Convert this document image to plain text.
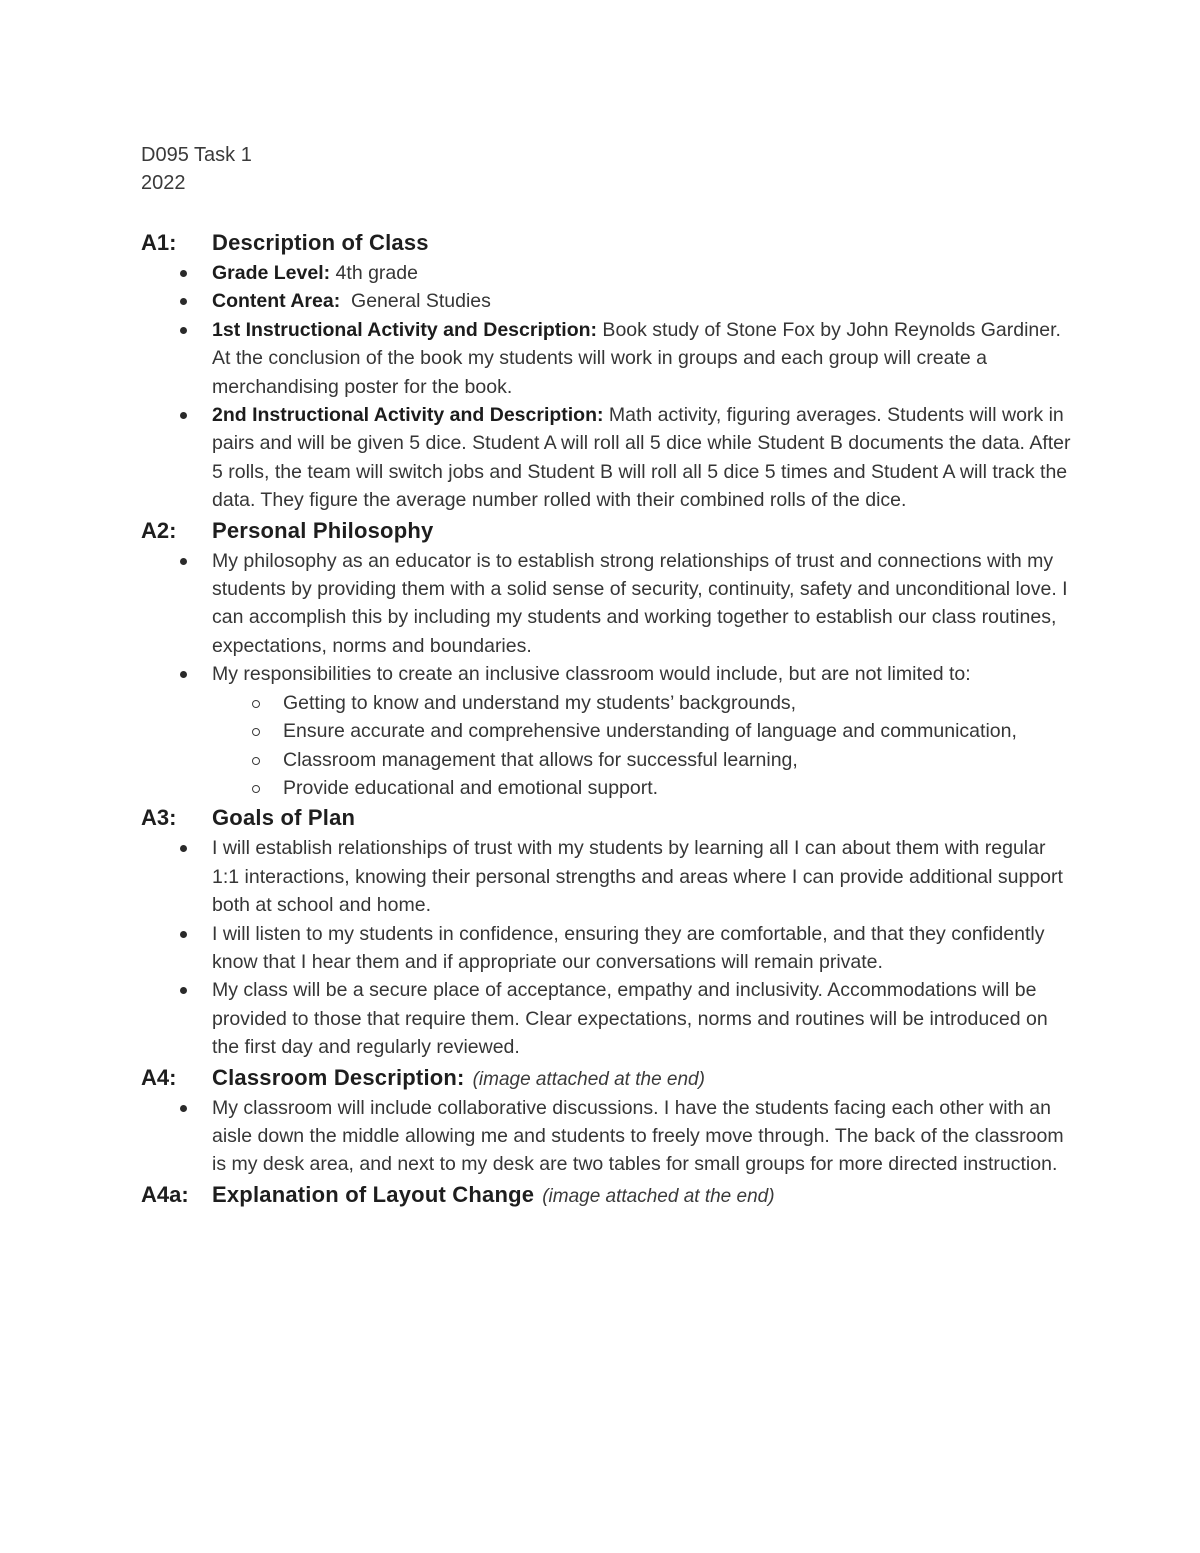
D095 Task 1
2022
A1:	Description of Class
Grade Level: 4th grade
Content Area:  General Studies
1st Instructional Activity and Description: Book study of Stone Fox by John Reynolds Gardiner. At the conclusion of the book my students will work in groups and each group will create a merchandising poster for the book.
2nd Instructional Activity and Description: Math activity, figuring averages. Students will work in pairs and will be given 5 dice. Student A will roll all 5 dice while Student B documents the data. After 5 rolls, the team will switch jobs and Student B will roll all 5 dice 5 times and Student A will track the data. They figure the average number rolled with their combined rolls of the dice.
A2:	Personal Philosophy
My philosophy as an educator is to establish strong relationships of trust and connections with my students by providing them with a solid sense of security, continuity, safety and unconditional love. I can accomplish this by including my students and working together to establish our class routines, expectations, norms and boundaries.
My responsibilities to create an inclusive classroom would include, but are not limited to:
Getting to know and understand my students’ backgrounds,
Ensure accurate and comprehensive understanding of language and communication,
Classroom management that allows for successful learning,
Provide educational and emotional support.
A3:	Goals of Plan
I will establish relationships of trust with my students by learning all I can about them with regular 1:1 interactions, knowing their personal strengths and areas where I can provide additional support both at school and home.
I will listen to my students in confidence, ensuring they are comfortable, and that they confidently know that I hear them and if appropriate our conversations will remain private.
My class will be a secure place of acceptance, empathy and inclusivity. Accommodations will be provided to those that require them. Clear expectations, norms and routines will be introduced on the first day and regularly reviewed.
A4:	Classroom Description: (image attached at the end)
My classroom will include collaborative discussions. I have the students facing each other with an aisle down the middle allowing me and students to freely move through. The back of the classroom is my desk area, and next to my desk are two tables for small groups for more directed instruction.
A4a:	Explanation of Layout Change (image attached at the end)
